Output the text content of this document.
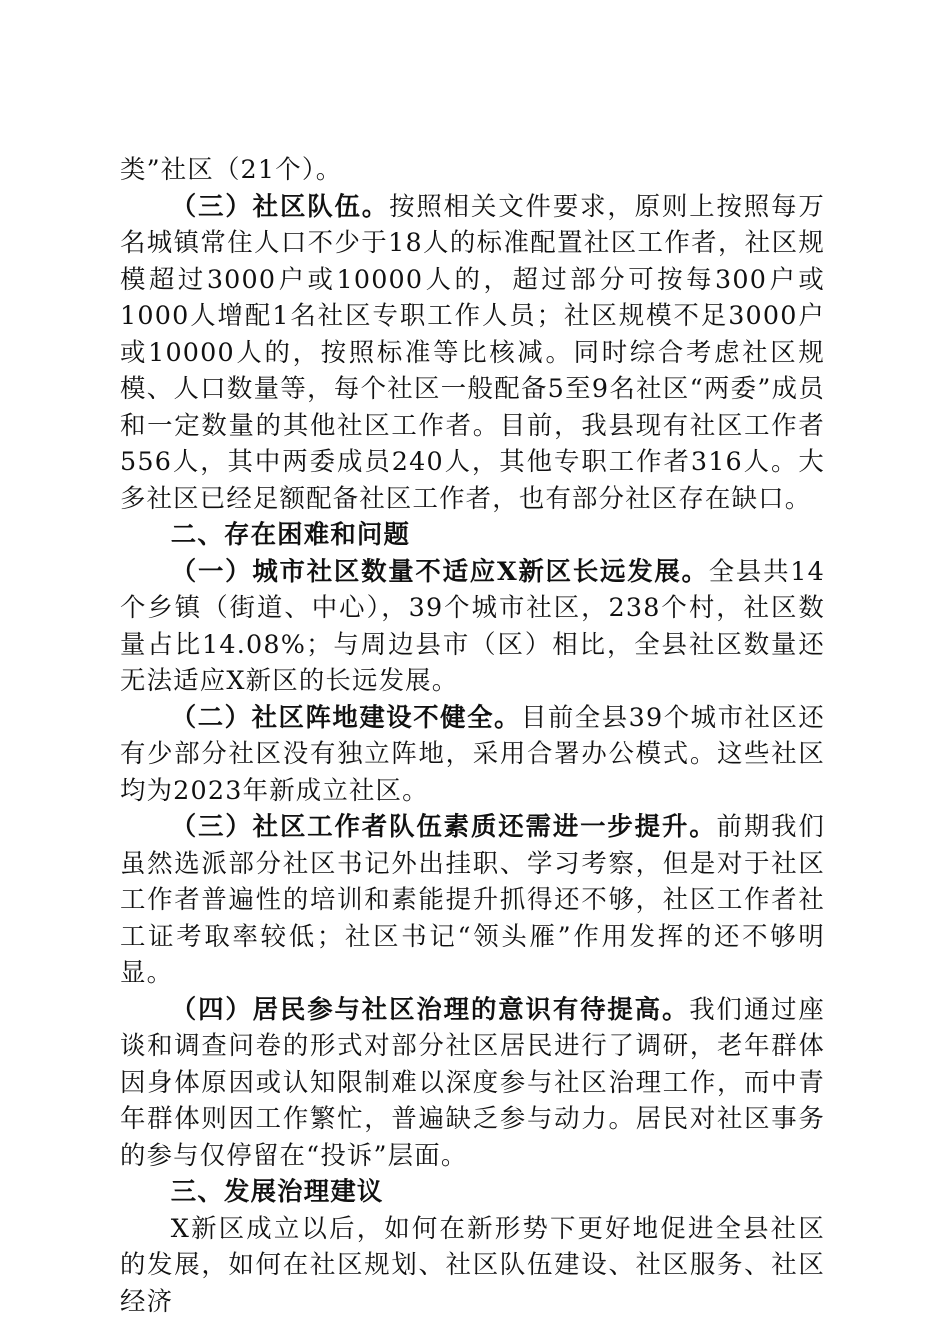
类”社区（21个）。

（三）社区队伍。按照相关文件要求，原则上按照每万名城镇常住人口不少于18人的标准配置社区工作者，社区规模超过3000户或10000人的，超过部分可按每300户或1000人增配1名社区专职工作人员；社区规模不足3000户或10000人的，按照标准等比核减。同时综合考虑社区规模、人口数量等，每个社区一般配备5至9名社区“两委”成员和一定数量的其他社区工作者。目前，我县现有社区工作者556人，其中两委成员240人，其他专职工作者316人。大多社区已经足额配备社区工作者，也有部分社区存在缺口。

二、存在困难和问题

（一）城市社区数量不适应X新区长远发展。全县共14个乡镇（街道、中心），39个城市社区，238个村，社区数量占比14.08%；与周边县市（区）相比，全县社区数量还无法适应X新区的长远发展。

（二）社区阵地建设不健全。目前全县39个城市社区还有少部分社区没有独立阵地，采用合署办公模式。这些社区均为2023年新成立社区。

（三）社区工作者队伍素质还需进一步提升。前期我们虽然选派部分社区书记外出挂职、学习考察，但是对于社区工作者普遍性的培训和素能提升抓得还不够，社区工作者社工证考取率较低；社区书记“领头雁”作用发挥的还不够明显。

（四）居民参与社区治理的意识有待提高。我们通过座谈和调查问卷的形式对部分社区居民进行了调研，老年群体因身体原因或认知限制难以深度参与社区治理工作，而中青年群体则因工作繁忙，普遍缺乏参与动力。居民对社区事务的参与仅停留在“投诉”层面。

三、发展治理建议

X新区成立以后，如何在新形势下更好地促进全县社区的发展，如何在社区规划、社区队伍建设、社区服务、社区经济
